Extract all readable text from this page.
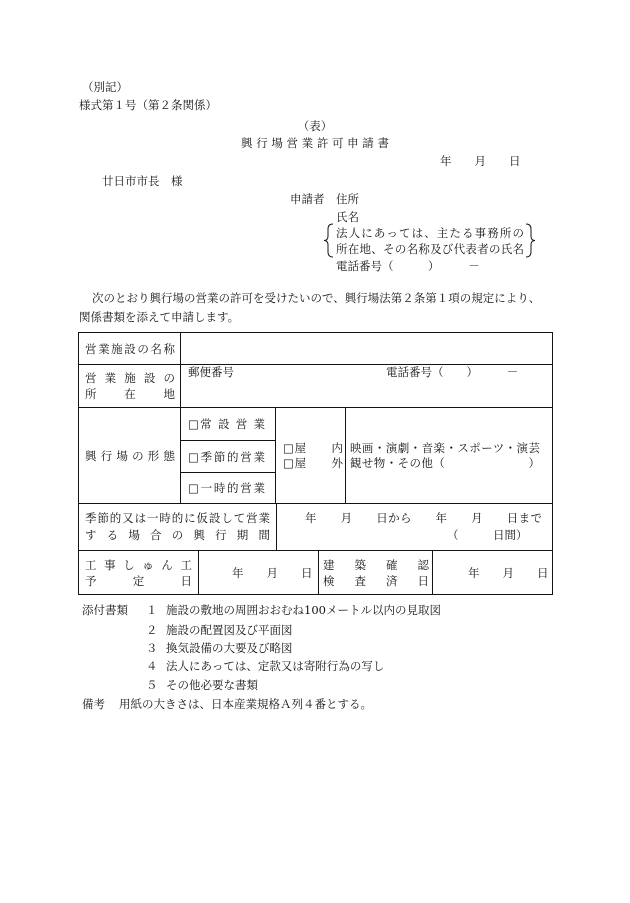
（別記）
様式第１号（第２条関係）
（表）
興 行 場 営 業 許 可 申 請 書
年　　月　　日
廿日市市長　様
申請者 住所
氏名
法人にあっては、主たる事務所の
所在地、その名称及び代表者の氏名
電話番号（　　　）　　　－
次のとおり興行場の営業の許可を受けたいので、興行場法第２条第１項の規定により、
関係書類を添えて申請します。
営業施設の名称
営 業 施 設 の
所　　在　　地
郵便番号	電話番号（　　）　　　－
興 行 場 の 形 態
□常 設 営 業
□季節的営業
□一時的営業
□屋　　内
□屋　　外
映画・演劇・音楽・スポーツ・演芸
観せ物・その他（　　　　　　　）
季節的又は一時的に仮設して営業
す る 場 合 の 興 行 期 間
年　　月　　日から　　年　　月　　日まで
（　　　日間）
工 事 し ゅ ん 工
予　　　定　　　日
年　　月　　日
建　築　確　認
検　査　済　日
年　　月　　日
添付書類 １ 施設の敷地の周囲おおむね100メートル以内の見取図
２ 施設の配置図及び平面図
３ 換気設備の大要及び略図
４ 法人にあっては、定款又は寄附行為の写し
５ その他必要な書類
備考 用紙の大きさは、日本産業規格Ａ列４番とする。
